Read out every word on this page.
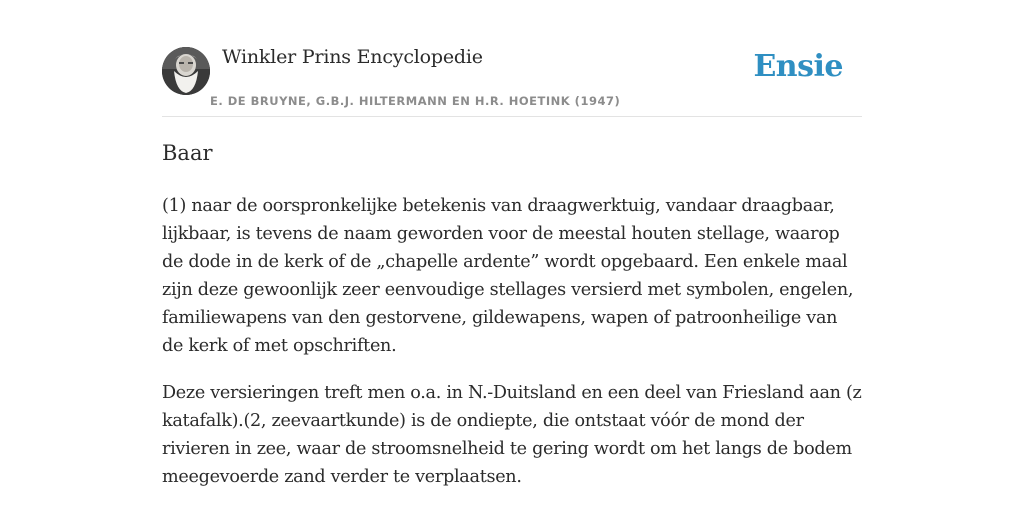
Winkler Prins Encyclopedie
E. DE BRUYNE, G.B.J. HILTERMANN EN H.R. HOETINK (1947)
Ensie
Baar

(1) naar de oorspronkelijke betekenis van draagwerktuig, vandaar draagbaar, lijkbaar, is tevens de naam geworden voor de meestal houten stellage, waarop de dode in de kerk of de „chapelle ardente” wordt opgebaard. Een enkele maal zijn deze gewoonlijk zeer eenvoudige stellages versierd met symbolen, engelen, familiewapens van den gestorvene, gildewapens, wapen of patroonheilige van de kerk of met opschriften.

Deze versieringen treft men o.a. in N.-Duitsland en een deel van Friesland aan (z katafalk).(2, zeevaartkunde) is de ondiepte, die ontstaat vóór de mond der rivieren in zee, waar de stroomsnelheid te gering wordt om het langs de bodem meegevoerde zand verder te verplaatsen.
